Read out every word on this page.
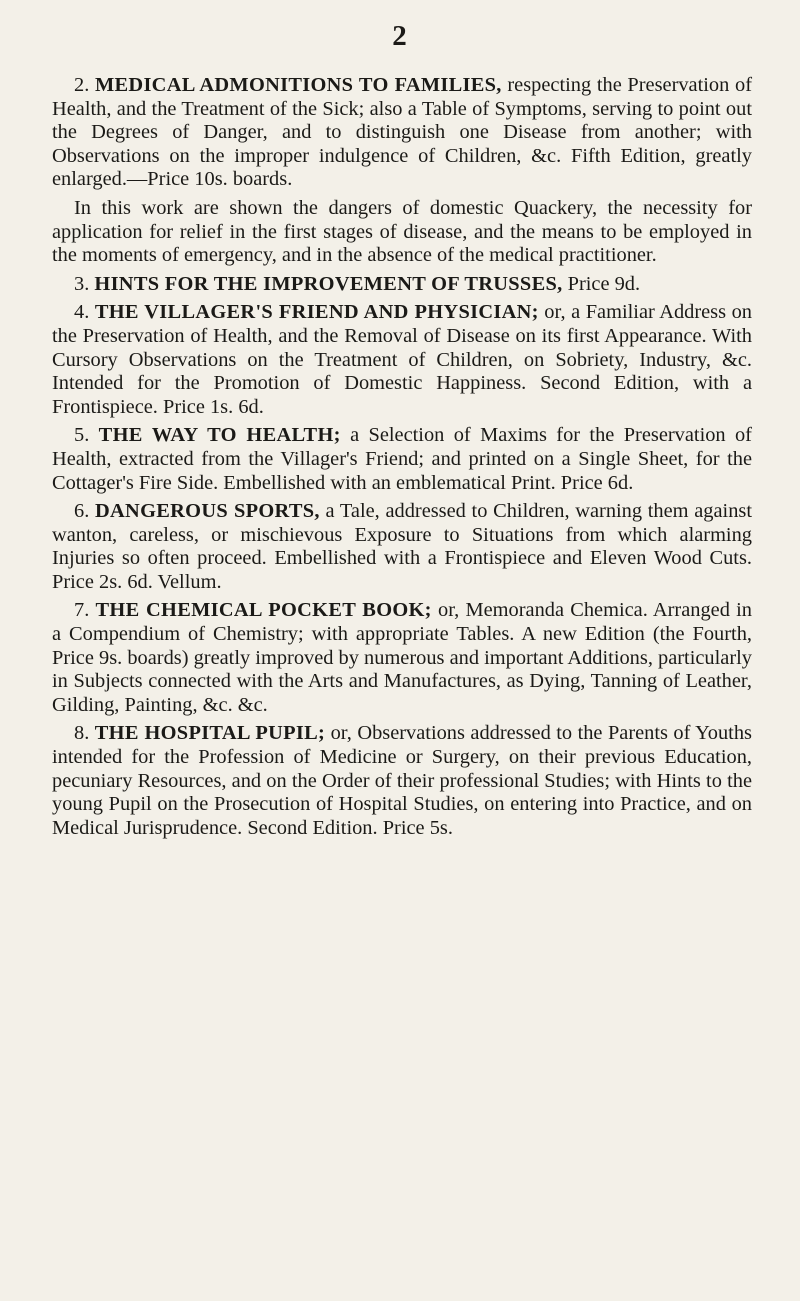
2

2. MEDICAL ADMONITIONS TO FAMILIES, respecting the Preservation of Health, and the Treatment of the Sick; also a Table of Symptoms, serving to point out the Degrees of Danger, and to distinguish one Disease from another; with Observations on the improper indulgence of Children, &c. Fifth Edition, greatly enlarged.—Price 10s. boards.

In this work are shown the dangers of domestic Quackery, the necessity for application for relief in the first stages of disease, and the means to be employed in the moments of emergency, and in the absence of the medical practitioner.

3. HINTS FOR THE IMPROVEMENT OF TRUSSES, Price 9d.

4. THE VILLAGER'S FRIEND AND PHYSICIAN; or, a Familiar Address on the Preservation of Health, and the Removal of Disease on its first Appearance. With Cursory Observations on the Treatment of Children, on Sobriety, Industry, &c. Intended for the Promotion of Domestic Happiness. Second Edition, with a Frontispiece. Price 1s. 6d.

5. THE WAY TO HEALTH; a Selection of Maxims for the Preservation of Health, extracted from the Villager's Friend; and printed on a Single Sheet, for the Cottager's Fire Side. Embellished with an emblematical Print. Price 6d.

6. DANGEROUS SPORTS, a Tale, addressed to Children, warning them against wanton, careless, or mischievous Exposure to Situations from which alarming Injuries so often proceed. Embellished with a Frontispiece and Eleven Wood Cuts. Price 2s. 6d. Vellum.

7. THE CHEMICAL POCKET BOOK; or, Memoranda Chemica. Arranged in a Compendium of Chemistry; with appropriate Tables. A new Edition (the Fourth, Price 9s. boards) greatly improved by numerous and important Additions, particularly in Subjects connected with the Arts and Manufactures, as Dying, Tanning of Leather, Gilding, Painting, &c. &c.

8. THE HOSPITAL PUPIL; or, Observations addressed to the Parents of Youths intended for the Profession of Medicine or Surgery, on their previous Education, pecuniary Resources, and on the Order of their professional Studies; with Hints to the young Pupil on the Prosecution of Hospital Studies, on entering into Practice, and on Medical Jurisprudence. Second Edition. Price 5s.
